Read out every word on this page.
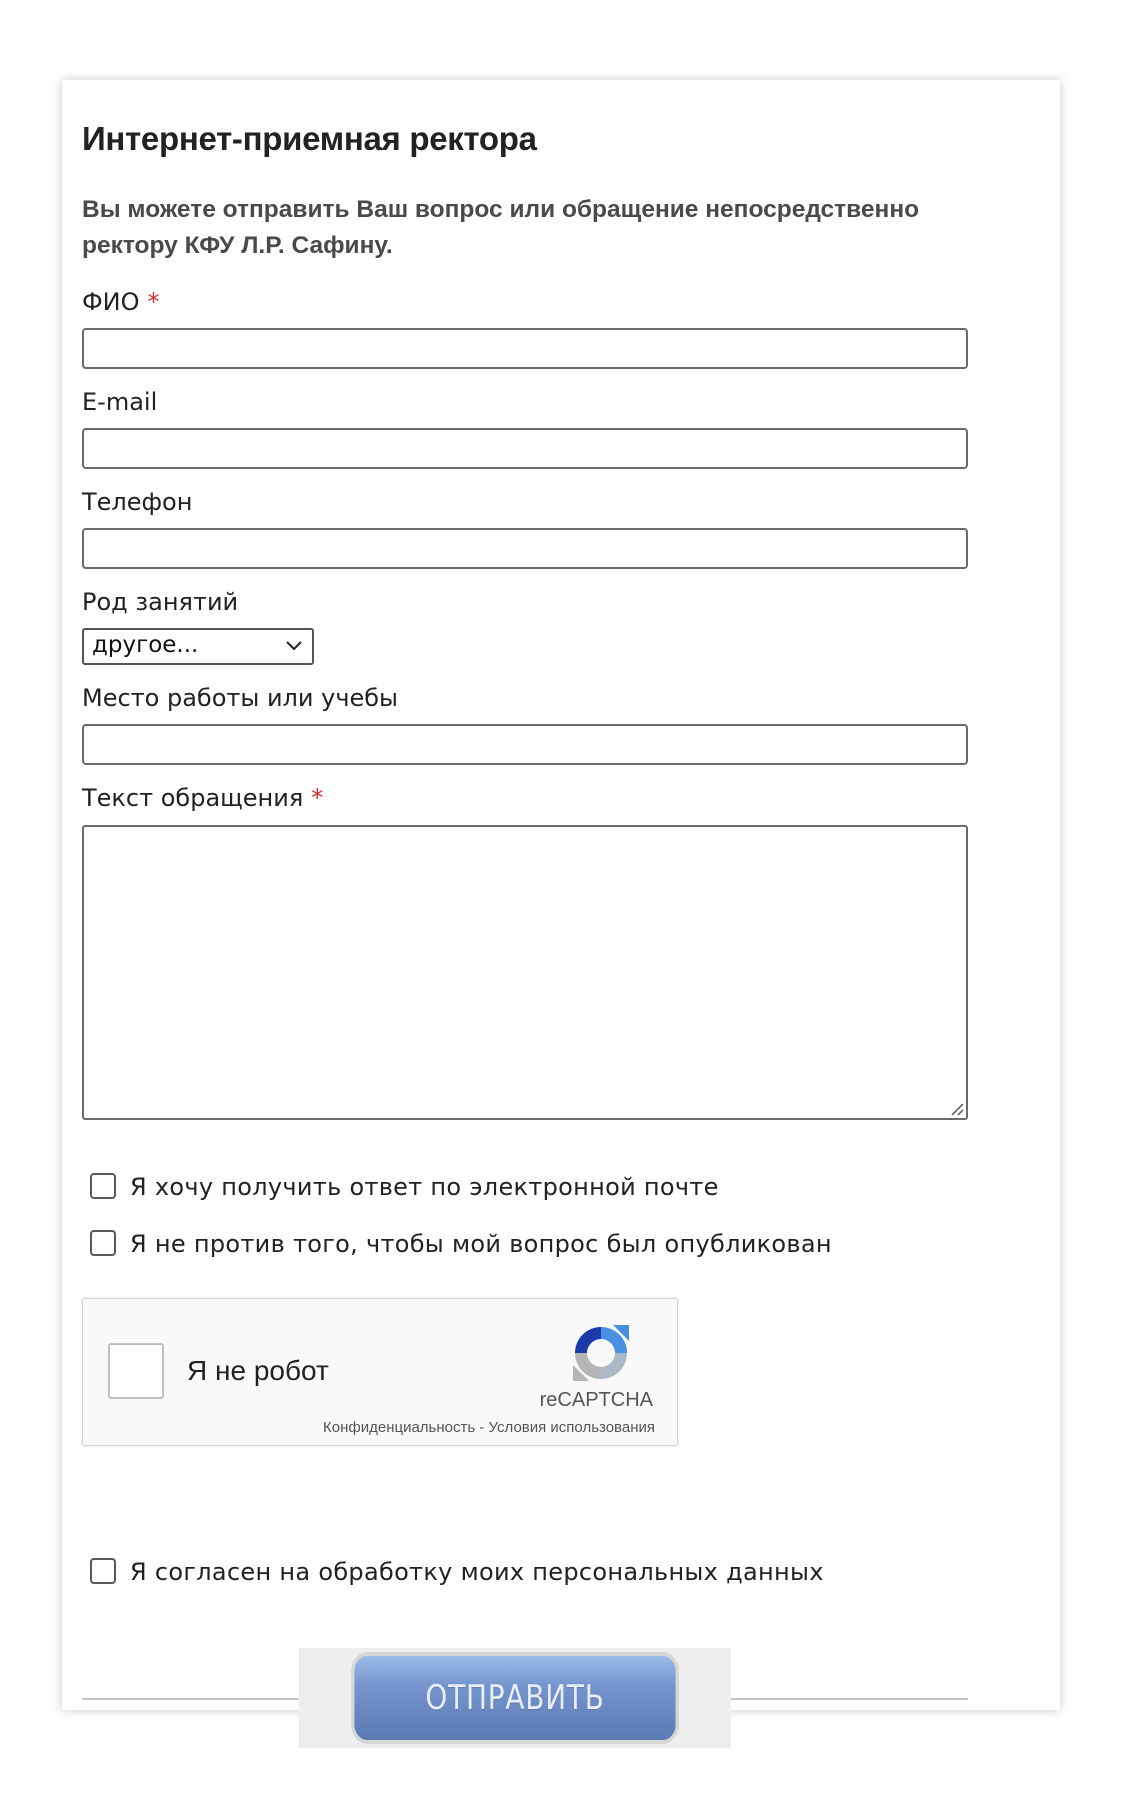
Интернет-приемная ректора

Вы можете отправить Ваш вопрос или обращение непосредственно ректору КФУ Л.Р. Сафину.

ФИО *
E-mail
Телефон
Род занятий
другое...
Место работы или учебы
Текст обращения *
Я хочу получить ответ по электронной почте
Я не против того, чтобы мой вопрос был опубликован
Я не робот
reCAPTCHA
Конфиденциальность - Условия использования
Я согласен на обработку моих персональных данных
ОТПРАВИТЬ
